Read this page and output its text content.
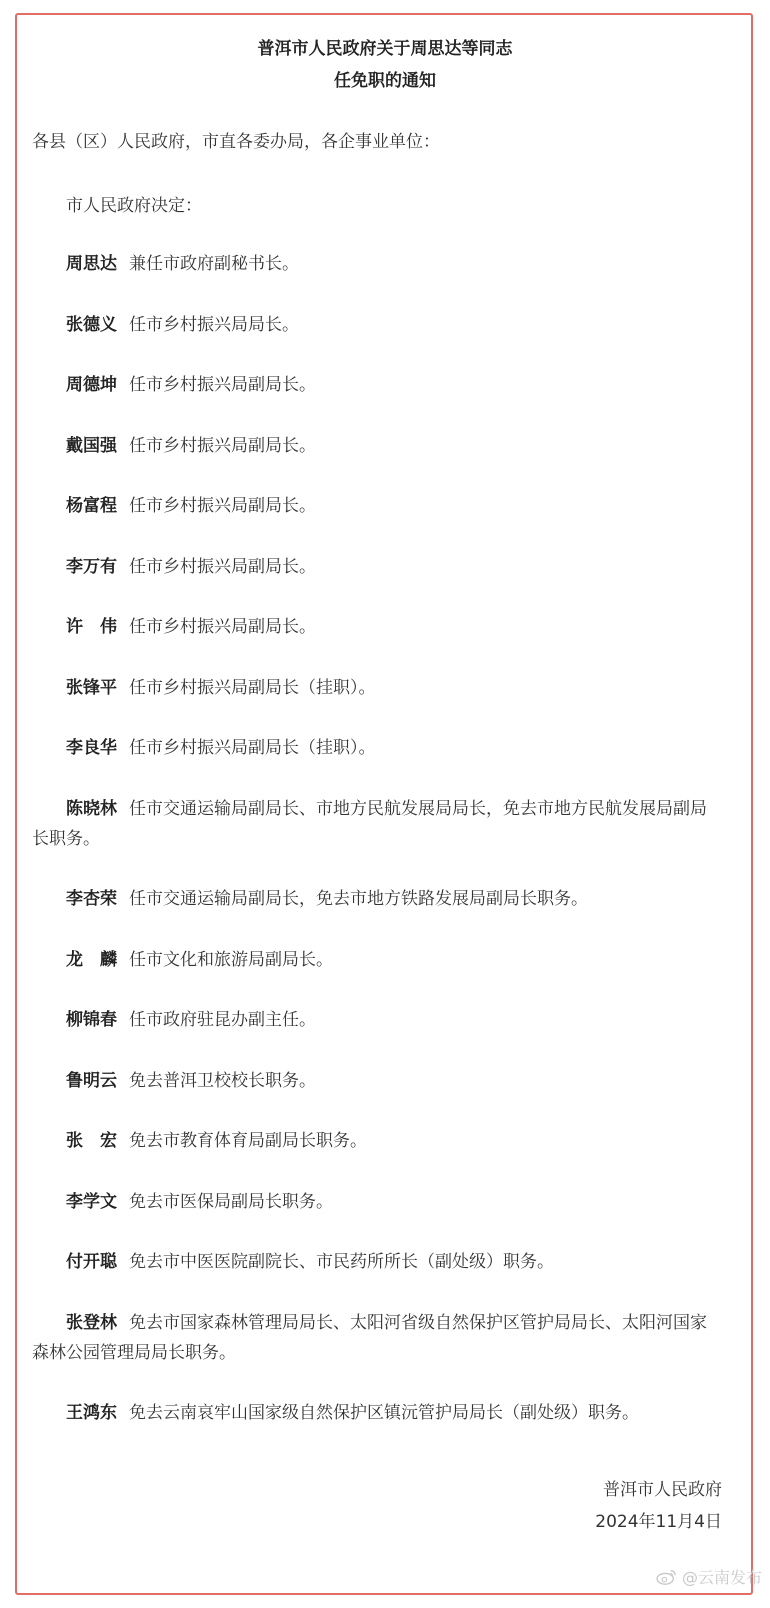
普洱市人民政府关于周思达等同志
任免职的通知
各县（区）人民政府，市直各委办局，各企事业单位：
市人民政府决定：
周思达 兼任市政府副秘书长。
张德义 任市乡村振兴局局长。
周德坤 任市乡村振兴局副局长。
戴国强 任市乡村振兴局副局长。
杨富程 任市乡村振兴局副局长。
李万有 任市乡村振兴局副局长。
许　伟 任市乡村振兴局副局长。
张锋平 任市乡村振兴局副局长（挂职）。
李良华 任市乡村振兴局副局长（挂职）。
陈晓林 任市交通运输局副局长、市地方民航发展局局长，免去市地方民航发展局副局长职务。
李杏荣 任市交通运输局副局长，免去市地方铁路发展局副局长职务。
龙　麟 任市文化和旅游局副局长。
柳锦春 任市政府驻昆办副主任。
鲁明云 免去普洱卫校校长职务。
张　宏 免去市教育体育局副局长职务。
李学文 免去市医保局副局长职务。
付开聪 免去市中医医院副院长、市民药所所长（副处级）职务。
张登林 免去市国家森林管理局局长、太阳河省级自然保护区管护局局长、太阳河国家森林公园管理局局长职务。
王鸿东 免去云南哀牢山国家级自然保护区镇沅管护局局长（副处级）职务。
普洱市人民政府
2024年11月4日
@云南发布
